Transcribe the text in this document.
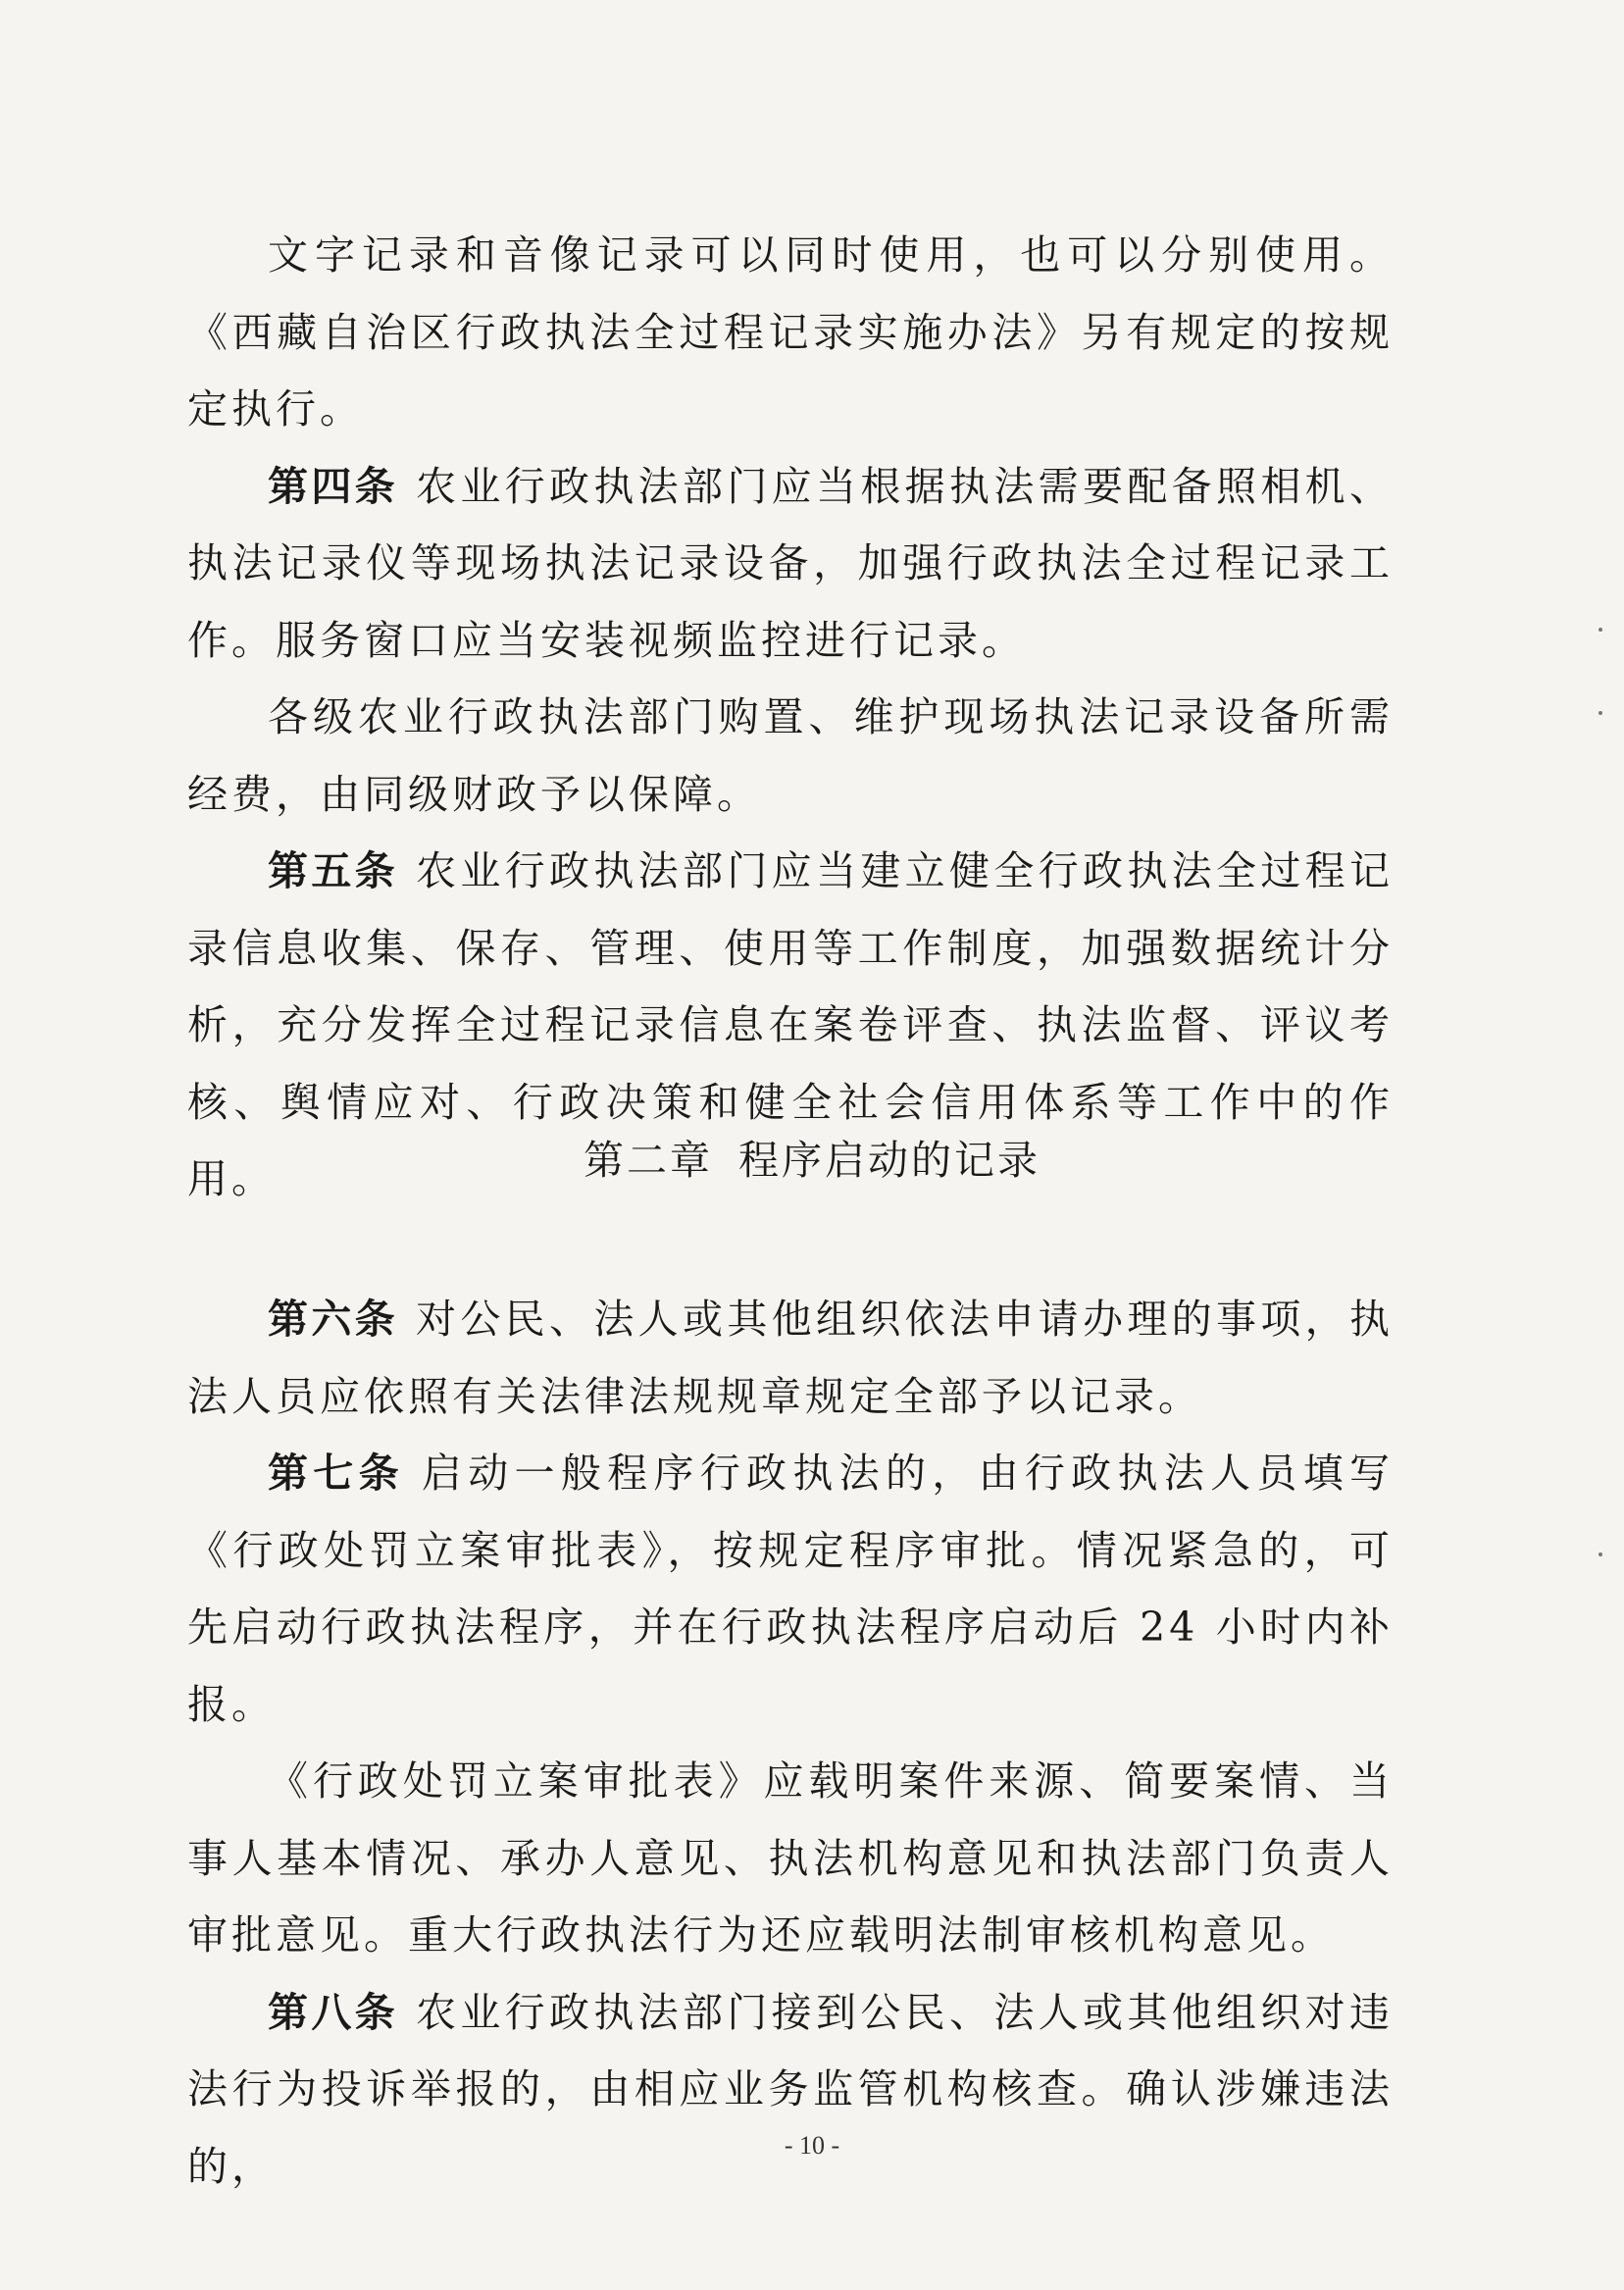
文字记录和音像记录可以同时使用，也可以分别使用。《西藏自治区行政执法全过程记录实施办法》另有规定的按规定执行。

第四条 农业行政执法部门应当根据执法需要配备照相机、执法记录仪等现场执法记录设备，加强行政执法全过程记录工作。服务窗口应当安装视频监控进行记录。

各级农业行政执法部门购置、维护现场执法记录设备所需经费，由同级财政予以保障。

第五条 农业行政执法部门应当建立健全行政执法全过程记录信息收集、保存、管理、使用等工作制度，加强数据统计分析，充分发挥全过程记录信息在案卷评查、执法监督、评议考核、舆情应对、行政决策和健全社会信用体系等工作中的作用。	第二章 程序启动的记录

第六条 对公民、法人或其他组织依法申请办理的事项，执法人员应依照有关法律法规规章规定全部予以记录。

第七条 启动一般程序行政执法的，由行政执法人员填写《行政处罚立案审批表》，按规定程序审批。情况紧急的，可先启动行政执法程序，并在行政执法程序启动后 24 小时内补报。

《行政处罚立案审批表》应载明案件来源、简要案情、当事人基本情况、承办人意见、执法机构意见和执法部门负责人审批意见。重大行政执法行为还应载明法制审核机构意见。

第八条 农业行政执法部门接到公民、法人或其他组织对违法行为投诉举报的，由相应业务监管机构核查。确认涉嫌违法的，	- 10 -
